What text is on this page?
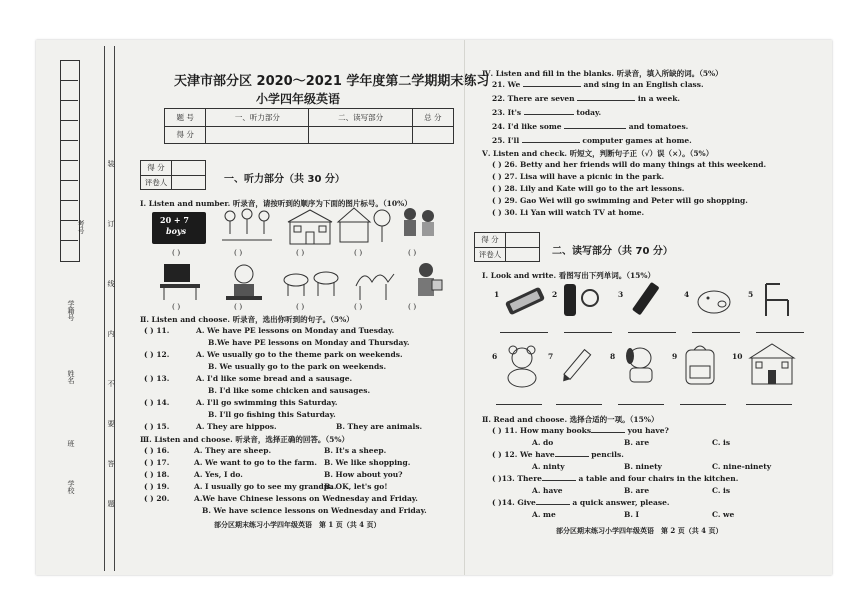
考号
学籍号
姓名
班
学校
装
订
线
内
不
要
答
题
天津市部分区 2020～2021 学年度第二学期期末练习
小学四年级英语
题 号	一、听力部分	二、读写部分	总 分
得 分			
得 分	
评卷人		一、听力部分（共 30 分）
Ⅰ. Listen and number. 听录音，请按听到的顺序为下面的图片标号。（10%）
20 + 7
boys
( )	( )	( )	( )	( )
( )	( )	( )	( )	( )
Ⅱ. Listen and choose. 听录音，选出你听到的句子。（5%）
( ) 11.	A. We have PE lessons on Monday and Tuesday.
B.We have PE lessons on Monday and Thursday.
( ) 12.	A. We usually go to the theme park on weekends.
B. We usually go to the park on weekends.
( ) 13.	A. I'd like some bread and a sausage.
B. I'd like some chicken and sausages.
( ) 14.	A. I'll go swimming this Saturday.
B. I'll go fishing this Saturday.
( ) 15.	A. They are hippos.	B. They are animals.
Ⅲ. Listen and choose. 听录音，选择正确的回答。（5%）
( ) 16.	A. They are sheep.	B. It's a sheep.
( ) 17.	A. We want to go to the farm. B. We like shopping.
( ) 18.	A. Yes, I do.	B. How about you?
( ) 19.	A. I usually go to see my grandpa.
B. OK, let's go!
( ) 20.	A.We have Chinese lessons on Wednesday and Friday.
B. We have science lessons on Wednesday and Friday.
部分区期末练习小学四年级英语　第 1 页（共 4 页）
Ⅳ. Listen and fill in the blanks. 听录音，填入所缺的词。（5%）
21. We	and sing in an English class.
22. There are seven	in a week.
23. It's	today.
24. I'd like some	and tomatoes.
25. I'll	computer games at home.
Ⅴ. Listen and check. 听短文，判断句子正（√）误（×）。（5%）
( ) 26. Betty and her friends will do many things at this weekend.
( ) 27. Lisa will have a picnic in the park.
( ) 28. Lily and Kate will go to the art lessons.
( ) 29. Gao Wei will go swimming and Peter will go shopping.
( ) 30. Li Yan will watch TV at home.
得 分	
评卷人		二、读写部分（共 70 分）
Ⅰ. Look and write. 看图写出下列单词。（15%）
1	2	3	4	5
6	7	8	9	10
Ⅱ. Read and choose. 选择合适的一项。（15%）
( ) 11. How many books	you have?
A. do	B. are	C. is
( ) 12. We have	pencils.
A. ninty	B. ninety	C. nine-ninety
( )13. There	a table and four chairs in the kitchen.
A. have	B. are	C. is
( )14. Give	a quick answer, please.
A. me	B. I	C. we
部分区期末练习小学四年级英语　第 2 页（共 4 页）
